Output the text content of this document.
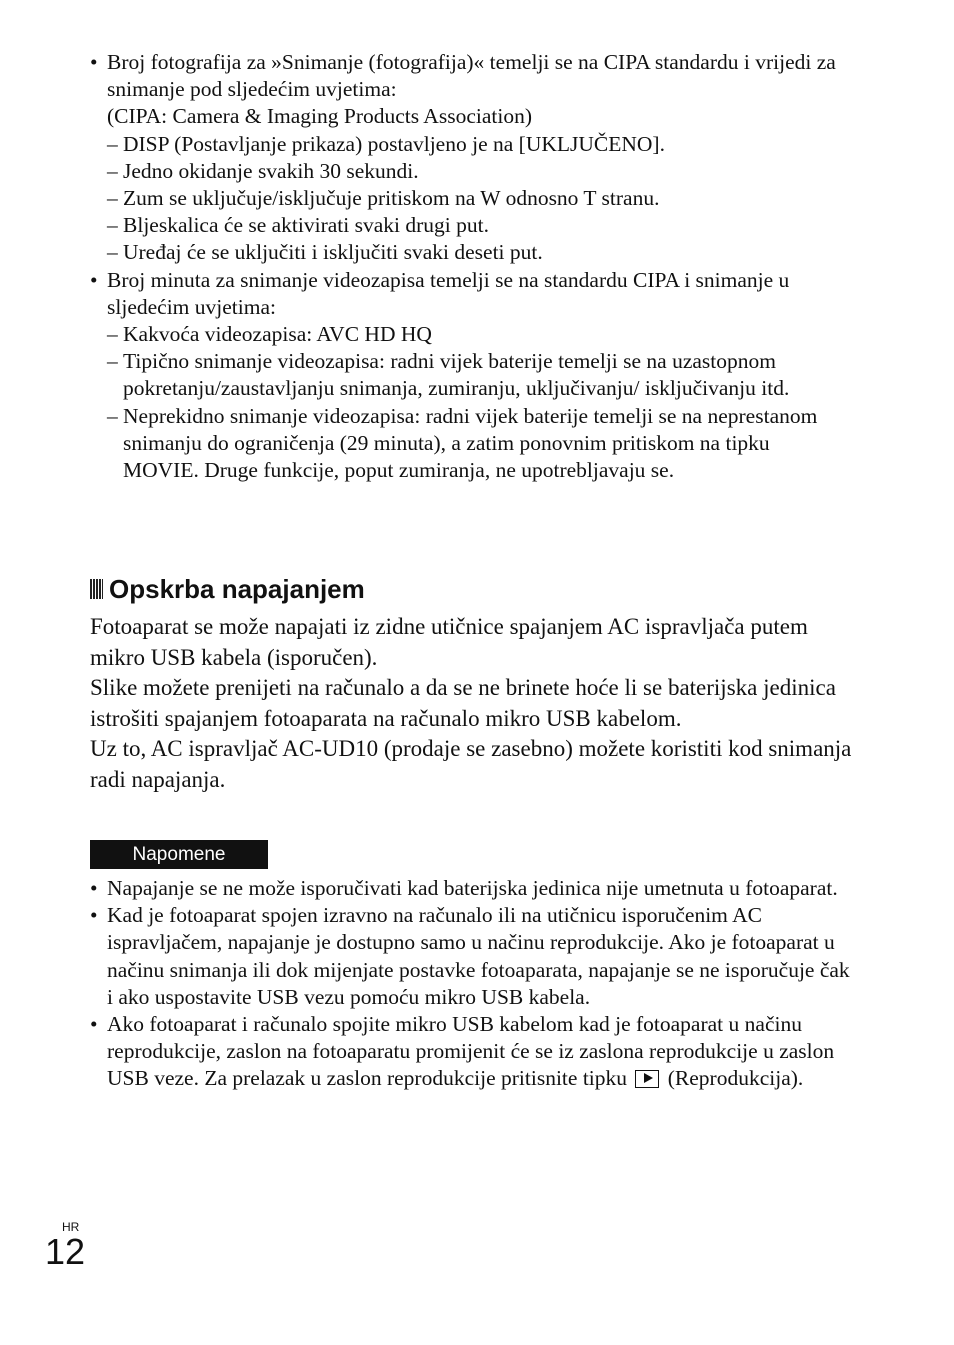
• Broj fotografija za »Snimanje (fotografija)« temelji se na CIPA standardu i vrijedi za snimanje pod sljedećim uvjetima:
(CIPA: Camera & Imaging Products Association)
– DISP (Postavljanje prikaza) postavljeno je na [UKLJUČENO].
– Jedno okidanje svakih 30 sekundi.
– Zum se uključuje/isključuje pritiskom na W odnosno T stranu.
– Bljeskalica će se aktivirati svaki drugi put.
– Uređaj će se uključiti i isključiti svaki deseti put.
• Broj minuta za snimanje videozapisa temelji se na standardu CIPA i snimanje u sljedećim uvjetima:
– Kakvoća videozapisa: AVC HD HQ
– Tipično snimanje videozapisa: radni vijek baterije temelji se na uzastopnom pokretanju/zaustavljanju snimanja, zumiranju, uključivanju/ isključivanju itd.
– Neprekidno snimanje videozapisa: radni vijek baterije temelji se na neprestanom snimanju do ograničenja (29 minuta), a zatim ponovnim pritiskom na tipku MOVIE. Druge funkcije, poput zumiranja, ne upotrebljavaju se.
Opskrba napajanjem
Fotoaparat se može napajati iz zidne utičnice spajanjem AC ispravljača putem mikro USB kabela (isporučen).
Slike možete prenijeti na računalo a da se ne brinete hoće li se baterijska jedinica istrošiti spajanjem fotoaparata na računalo mikro USB kabelom.
Uz to, AC ispravljač AC-UD10 (prodaje se zasebno) možete koristiti kod snimanja radi napajanja.
Napomene
• Napajanje se ne može isporučivati kad baterijska jedinica nije umetnuta u fotoaparat.
• Kad je fotoaparat spojen izravno na računalo ili na utičnicu isporučenim AC ispravljačem, napajanje je dostupno samo u načinu reprodukcije. Ako je fotoaparat u načinu snimanja ili dok mijenjate postavke fotoaparata, napajanje se ne isporučuje čak i ako uspostavite USB vezu pomoću mikro USB kabela.
• Ako fotoaparat i računalo spojite mikro USB kabelom kad je fotoaparat u načinu reprodukcije, zaslon na fotoaparatu promijenit će se iz zaslona reprodukcije u zaslon USB veze. Za prelazak u zaslon reprodukcije pritisnite tipku (Reprodukcija).
HR
12
